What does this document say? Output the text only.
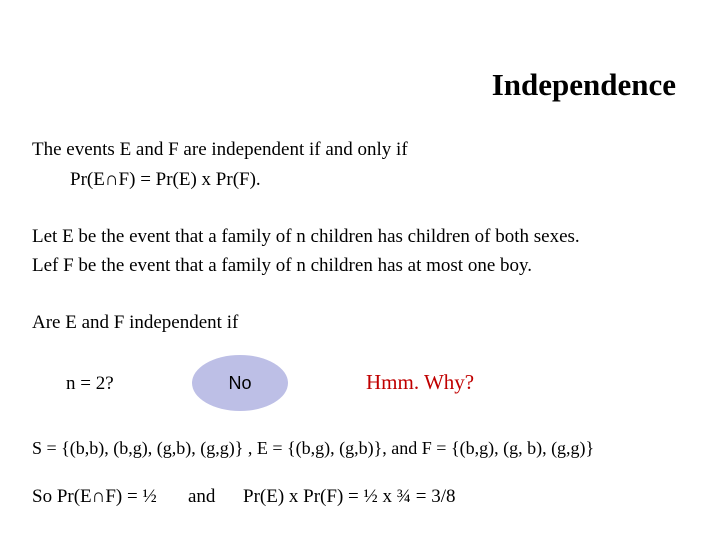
Independence
The events E and F are independent if and only if
Pr(E∩F) = Pr(E) x Pr(F).
Let E be the event that a family of n children has children of both sexes.
Lef F be the event that a family of n children has at most one boy.
Are E and F independent if
n = 2?	No	Hmm. Why?
S = {(b,b), (b,g), (g,b), (g,g)} , E = {(b,g), (g,b)}, and F = {(b,g), (g, b), (g,g)}
So Pr(E∩F) = ½ and Pr(E) x Pr(F) = ½ x ¾ = 3/8
